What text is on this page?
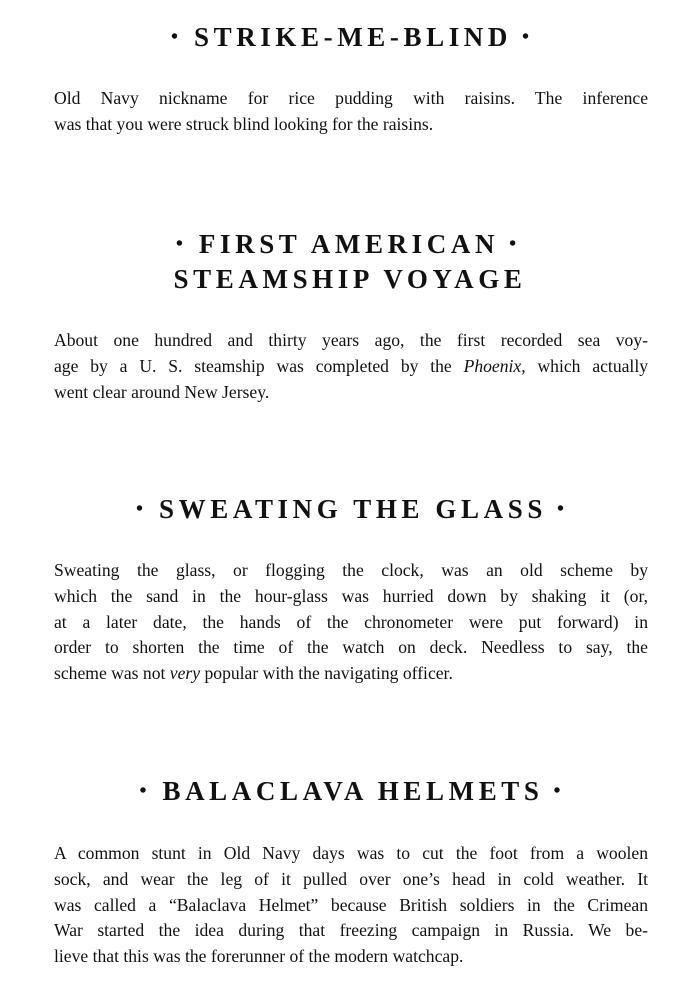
• STRIKE-ME-BLIND •

Old Navy nickname for rice pudding with raisins. The inference
was that you were struck blind looking for the raisins.

• FIRST AMERICAN •
STEAMSHIP VOYAGE

About one hundred and thirty years ago, the first recorded sea voy-
age by a U. S. steamship was completed by the Phoenix, which actually
went clear around New Jersey.

• SWEATING THE GLASS •

Sweating the glass, or flogging the clock, was an old scheme by
which the sand in the hour-glass was hurried down by shaking it (or,
at a later date, the hands of the chronometer were put forward) in
order to shorten the time of the watch on deck. Needless to say, the
scheme was not very popular with the navigating officer.

• BALACLAVA HELMETS •

A common stunt in Old Navy days was to cut the foot from a woolen
sock, and wear the leg of it pulled over one’s head in cold weather. It
was called a “Balaclava Helmet” because British soldiers in the Crimean
War started the idea during that freezing campaign in Russia. We be-
lieve that this was the forerunner of the modern watchcap.
